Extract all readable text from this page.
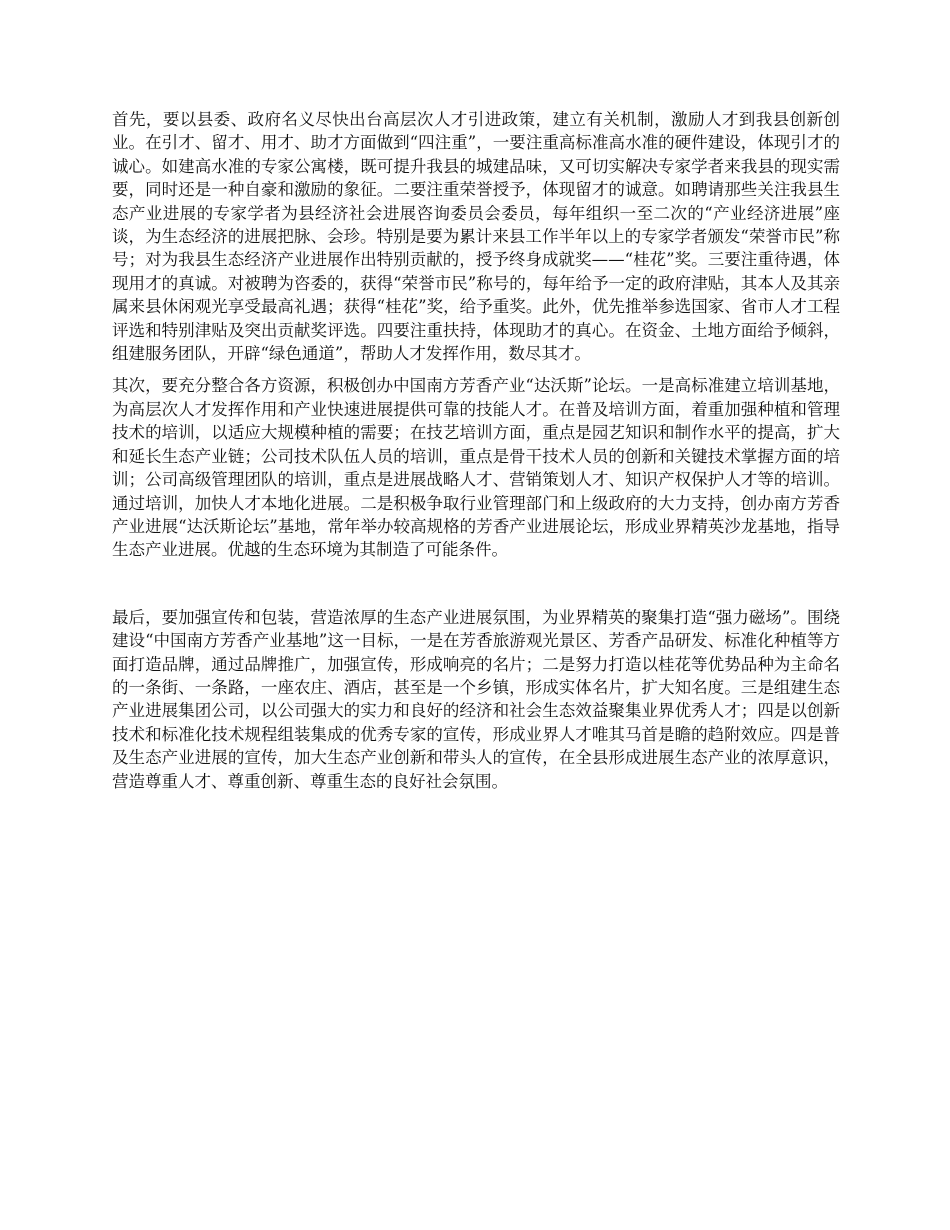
首先，要以县委、政府名义尽快出台高层次人才引进政策，建立有关机制，激励人才到我县创新创业。在引才、留才、用才、助才方面做到“四注重”，一要注重高标准高水准的硬件建设，体现引才的诚心。如建高水准的专家公寓楼，既可提升我县的城建品味，又可切实解决专家学者来我县的现实需要，同时还是一种自豪和激励的象征。二要注重荣誉授予，体现留才的诚意。如聘请那些关注我县生态产业进展的专家学者为县经济社会进展咨询委员会委员，每年组织一至二次的“产业经济进展”座谈，为生态经济的进展把脉、会珍。特别是要为累计来县工作半年以上的专家学者颁发“荣誉市民”称号；对为我县生态经济产业进展作出特别贡献的，授予终身成就奖——“桂花”奖。三要注重待遇，体现用才的真诚。对被聘为咨委的，获得“荣誉市民”称号的，每年给予一定的政府津贴，其本人及其亲属来县休闲观光享受最高礼遇；获得“桂花”奖，给予重奖。此外，优先推举参选国家、省市人才工程评选和特别津贴及突出贡献奖评选。四要注重扶持，体现助才的真心。在资金、土地方面给予倾斜，组建服务团队，开辟“绿色通道”，帮助人才发挥作用，数尽其才。

其次，要充分整合各方资源，积极创办中国南方芳香产业“达沃斯”论坛。一是高标准建立培训基地，为高层次人才发挥作用和产业快速进展提供可靠的技能人才。在普及培训方面，着重加强种植和管理技术的培训，以适应大规模种植的需要；在技艺培训方面，重点是园艺知识和制作水平的提高，扩大和延长生态产业链；公司技术队伍人员的培训，重点是骨干技术人员的创新和关键技术掌握方面的培训；公司高级管理团队的培训，重点是进展战略人才、营销策划人才、知识产权保护人才等的培训。通过培训，加快人才本地化进展。二是积极争取行业管理部门和上级政府的大力支持，创办南方芳香产业进展“达沃斯论坛”基地，常年举办较高规格的芳香产业进展论坛，形成业界精英沙龙基地，指导生态产业进展。优越的生态环境为其制造了可能条件。

最后，要加强宣传和包装，营造浓厚的生态产业进展氛围，为业界精英的聚集打造“强力磁场”。围绕建设“中国南方芳香产业基地”这一目标，一是在芳香旅游观光景区、芳香产品研发、标准化种植等方面打造品牌，通过品牌推广，加强宣传，形成响亮的名片；二是努力打造以桂花等优势品种为主命名的一条街、一条路，一座农庄、酒店，甚至是一个乡镇，形成实体名片，扩大知名度。三是组建生态产业进展集团公司，以公司强大的实力和良好的经济和社会生态效益聚集业界优秀人才；四是以创新技术和标准化技术规程组装集成的优秀专家的宣传，形成业界人才唯其马首是瞻的趋附效应。四是普及生态产业进展的宣传，加大生态产业创新和带头人的宣传，在全县形成进展生态产业的浓厚意识，营造尊重人才、尊重创新、尊重生态的良好社会氛围。
